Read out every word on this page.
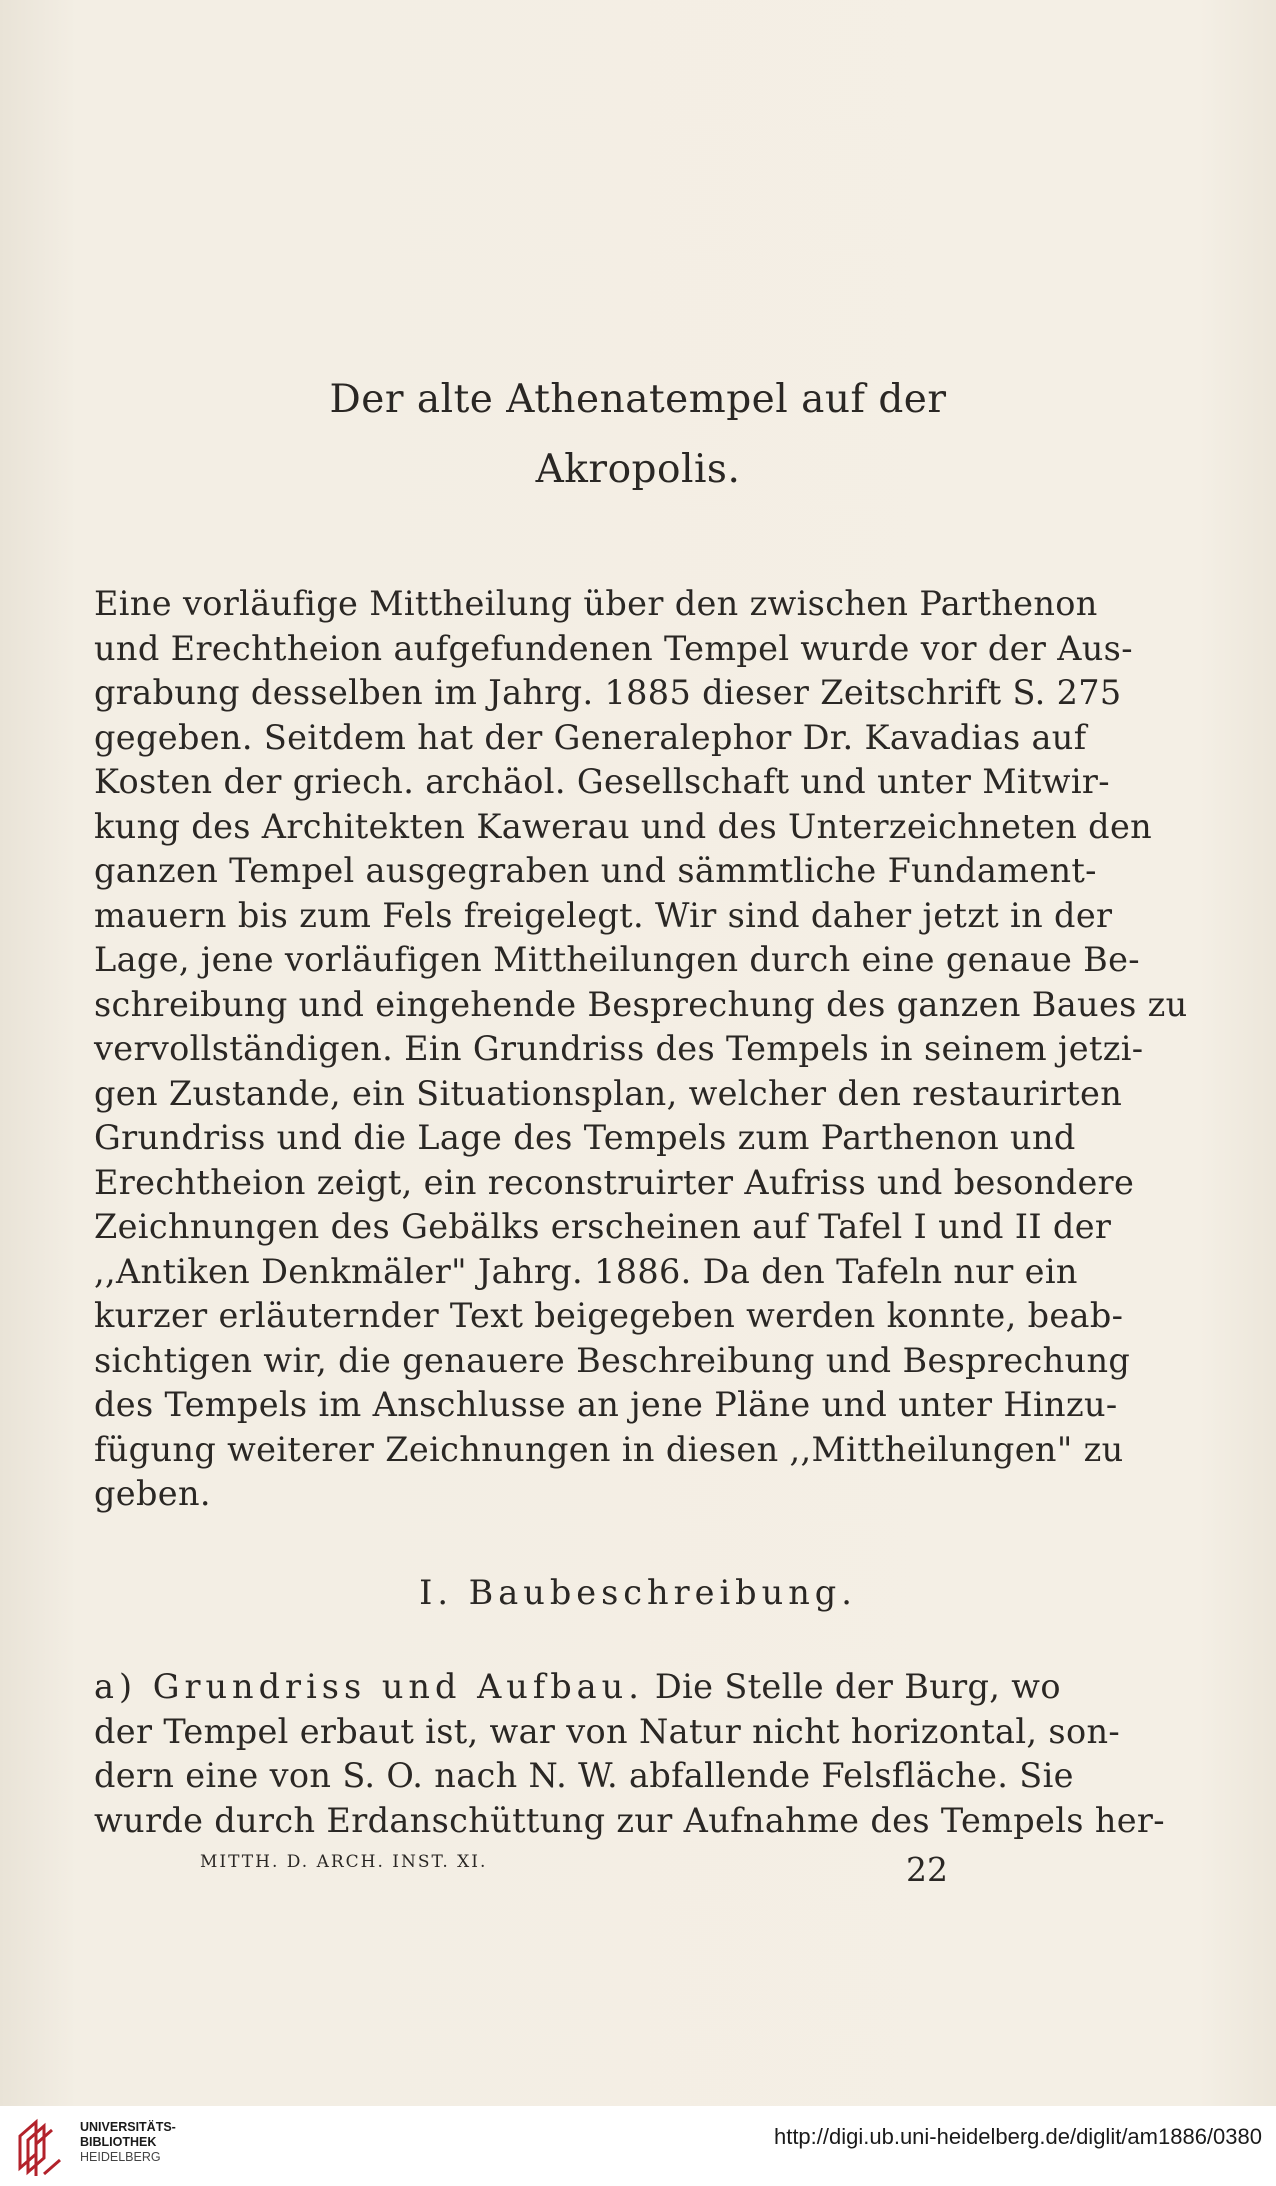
Der alte Athenatempel auf der
Akropolis.
Eine vorläufige Mittheilung über den zwischen Parthenon
und Erechtheion aufgefundenen Tempel wurde vor der Aus-
grabung desselben im Jahrg. 1885 dieser Zeitschrift S. 275
gegeben. Seitdem hat der Generalephor Dr. Kavadias auf
Kosten der griech. archäol. Gesellschaft und unter Mitwir-
kung des Architekten Kawerau und des Unterzeichneten den
ganzen Tempel ausgegraben und sämmtliche Fundament-
mauern bis zum Fels freigelegt. Wir sind daher jetzt in der
Lage, jene vorläufigen Mittheilungen durch eine genaue Be-
schreibung und eingehende Besprechung des ganzen Baues zu
vervollständigen. Ein Grundriss des Tempels in seinem jetzi-
gen Zustande, ein Situationsplan, welcher den restaurirten
Grundriss und die Lage des Tempels zum Parthenon und
Erechtheion zeigt, ein reconstruirter Aufriss und besondere
Zeichnungen des Gebälks erscheinen auf Tafel I und II der
,,Antiken Denkmäler" Jahrg. 1886. Da den Tafeln nur ein
kurzer erläuternder Text beigegeben werden konnte, beab-
sichtigen wir, die genauere Beschreibung und Besprechung
des Tempels im Anschlusse an jene Pläne und unter Hinzu-
fügung weiterer Zeichnungen in diesen ,,Mittheilungen" zu
geben.
I. Baubeschreibung.
a) Grundriss und Aufbau. Die Stelle der Burg, wo
der Tempel erbaut ist, war von Natur nicht horizontal, son-
dern eine von S. O. nach N. W. abfallende Felsfläche. Sie
wurde durch Erdanschüttung zur Aufnahme des Tempels her-
MITTH. D. ARCH. INST. XI.	22
UNIVERSITÄTS-
BIBLIOTHEK
HEIDELBERG
http://digi.ub.uni-heidelberg.de/diglit/am1886/0380
